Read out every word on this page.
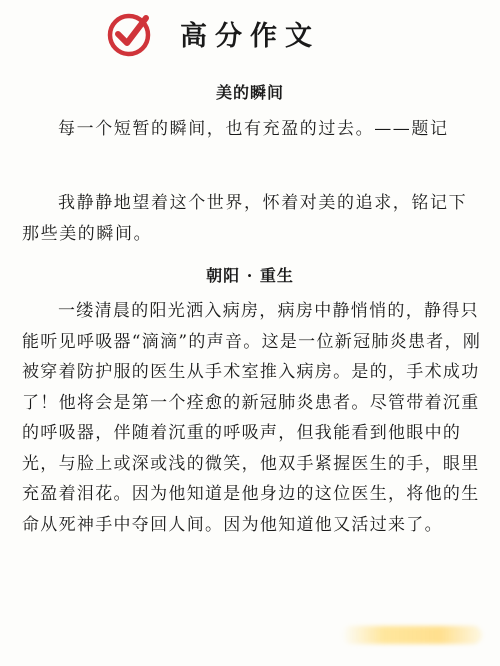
高分作文
美的瞬间

每一个短暂的瞬间，也有充盈的过去。——题记

我静静地望着这个世界，怀着对美的追求，铭记下那些美的瞬间。

朝阳 · 重生

一缕清晨的阳光洒入病房，病房中静悄悄的，静得只能听见呼吸器“滴滴”的声音。这是一位新冠肺炎患者，刚被穿着防护服的医生从手术室推入病房。是的，手术成功了！他将会是第一个痊愈的新冠肺炎患者。尽管带着沉重的呼吸器，伴随着沉重的呼吸声，但我能看到他眼中的光，与脸上或深或浅的微笑，他双手紧握医生的手，眼里充盈着泪花。因为他知道是他身边的这位医生，将他的生命从死神手中夺回人间。因为他知道他又活过来了。
